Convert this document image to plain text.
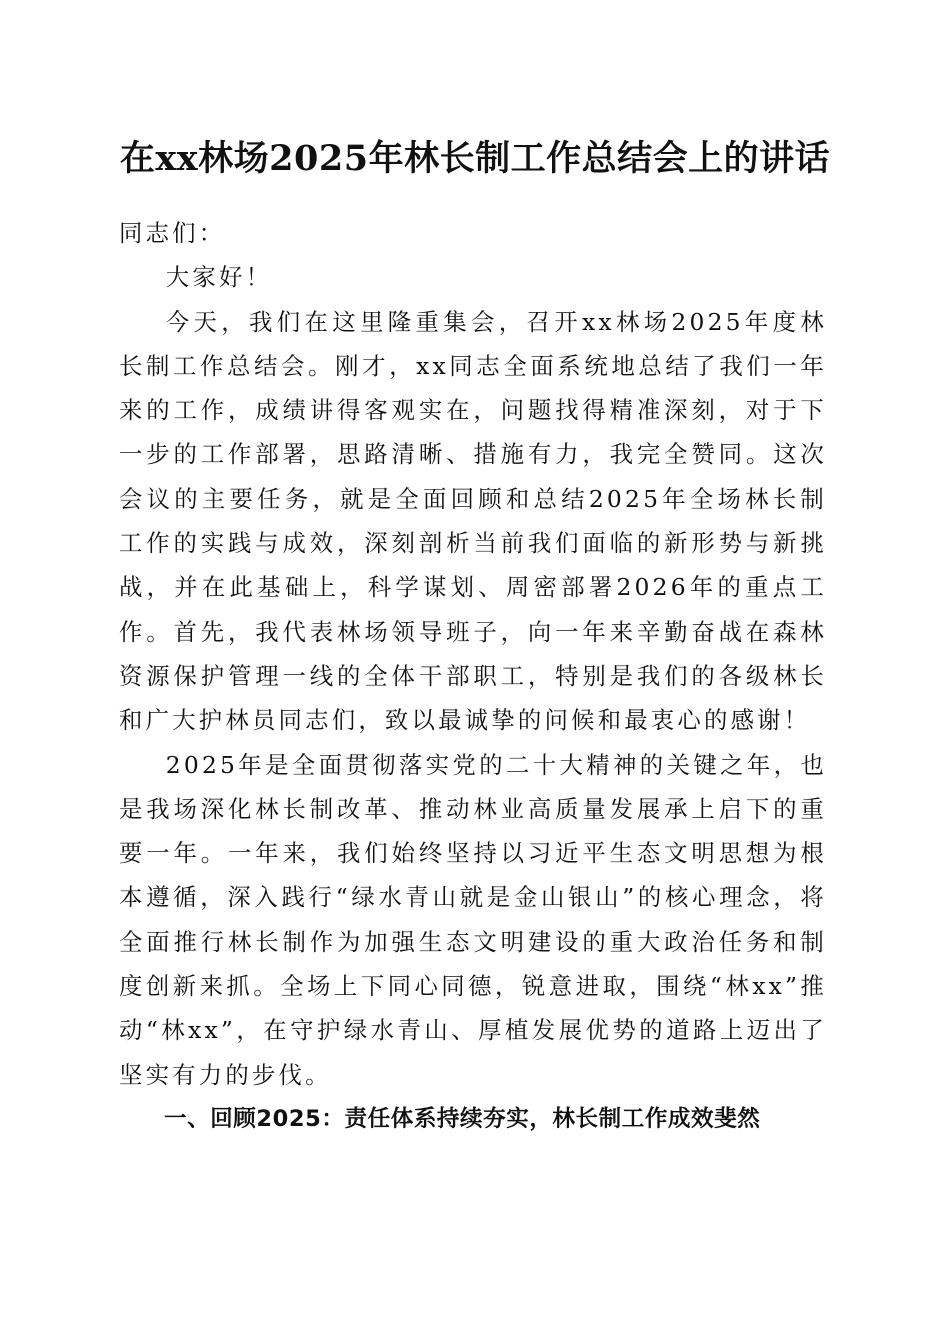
在xx林场2025年林长制工作总结会上的讲话

同志们：

大家好！

今天，我们在这里隆重集会，召开xx林场2025年度林长制工作总结会。刚才，xx同志全面系统地总结了我们一年来的工作，成绩讲得客观实在，问题找得精准深刻，对于下一步的工作部署，思路清晰、措施有力，我完全赞同。这次会议的主要任务，就是全面回顾和总结2025年全场林长制工作的实践与成效，深刻剖析当前我们面临的新形势与新挑战，并在此基础上，科学谋划、周密部署2026年的重点工作。首先，我代表林场领导班子，向一年来辛勤奋战在森林资源保护管理一线的全体干部职工，特别是我们的各级林长和广大护林员同志们，致以最诚挚的问候和最衷心的感谢！

2025年是全面贯彻落实党的二十大精神的关键之年，也是我场深化林长制改革、推动林业高质量发展承上启下的重要一年。一年来，我们始终坚持以习近平生态文明思想为根本遵循，深入践行“绿水青山就是金山银山”的核心理念，将全面推行林长制作为加强生态文明建设的重大政治任务和制度创新来抓。全场上下同心同德，锐意进取，围绕“林xx”推动“林xx”，在守护绿水青山、厚植发展优势的道路上迈出了坚实有力的步伐。

一、回顾2025：责任体系持续夯实，林长制工作成效斐然
